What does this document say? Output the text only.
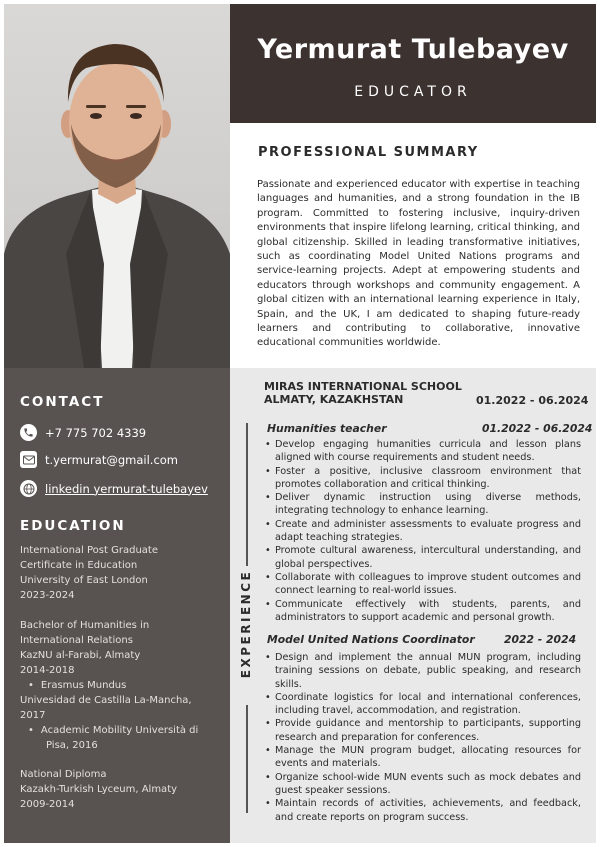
CONTACT
+7 775 702 4339
t.yermurat@gmail.com
linkedin yermurat-tulebayev
EDUCATION
International Post Graduate
Certificate in Education
University of East London
2023-2024
Bachelor of Humanities in
International Relations
KazNU al-Farabi, Almaty
2014-2018
• Erasmus Mundus
Univesidad de Castilla La-Mancha,
2017
• Academic Mobility Università di
Pisa, 2016
National Diploma
Kazakh-Turkish Lyceum, Almaty
2009-2014
Yermurat Tulebayev
EDUCATOR
PROFESSIONAL SUMMARY
Passionate and experienced educator with expertise in teaching languages and humanities, and a strong foundation in the IB program. Committed to fostering inclusive, inquiry-driven environments that inspire lifelong learning, critical thinking, and global citizenship. Skilled in leading transformative initiatives, such as coordinating Model United Nations programs and service-learning projects. Adept at empowering students and educators through workshops and community engagement. A global citizen with an international learning experience in Italy, Spain, and the UK, I am dedicated to shaping future-ready learners and contributing to collaborative, innovative educational communities worldwide.
MIRAS INTERNATIONAL SCHOOL
ALMATY, KAZAKHSTAN	01.2022 - 06.2024
EXPERIENCE
Humanities teacher	01.2022 - 06.2024
• Develop engaging humanities curricula and lesson plans aligned with course requirements and student needs.
• Foster a positive, inclusive classroom environment that promotes collaboration and critical thinking.
• Deliver dynamic instruction using diverse methods, integrating technology to enhance learning.
• Create and administer assessments to evaluate progress and adapt teaching strategies.
• Promote cultural awareness, intercultural understanding, and global perspectives.
• Collaborate with colleagues to improve student outcomes and connect learning to real-world issues.
• Communicate effectively with students, parents, and administrators to support academic and personal growth.
Model United Nations Coordinator	2022 - 2024
• Design and implement the annual MUN program, including training sessions on debate, public speaking, and research skills.
• Coordinate logistics for local and international conferences, including travel, accommodation, and registration.
• Provide guidance and mentorship to participants, supporting research and preparation for conferences.
• Manage the MUN program budget, allocating resources for events and materials.
• Organize school-wide MUN events such as mock debates and guest speaker sessions.
• Maintain records of activities, achievements, and feedback, and create reports on program success.
